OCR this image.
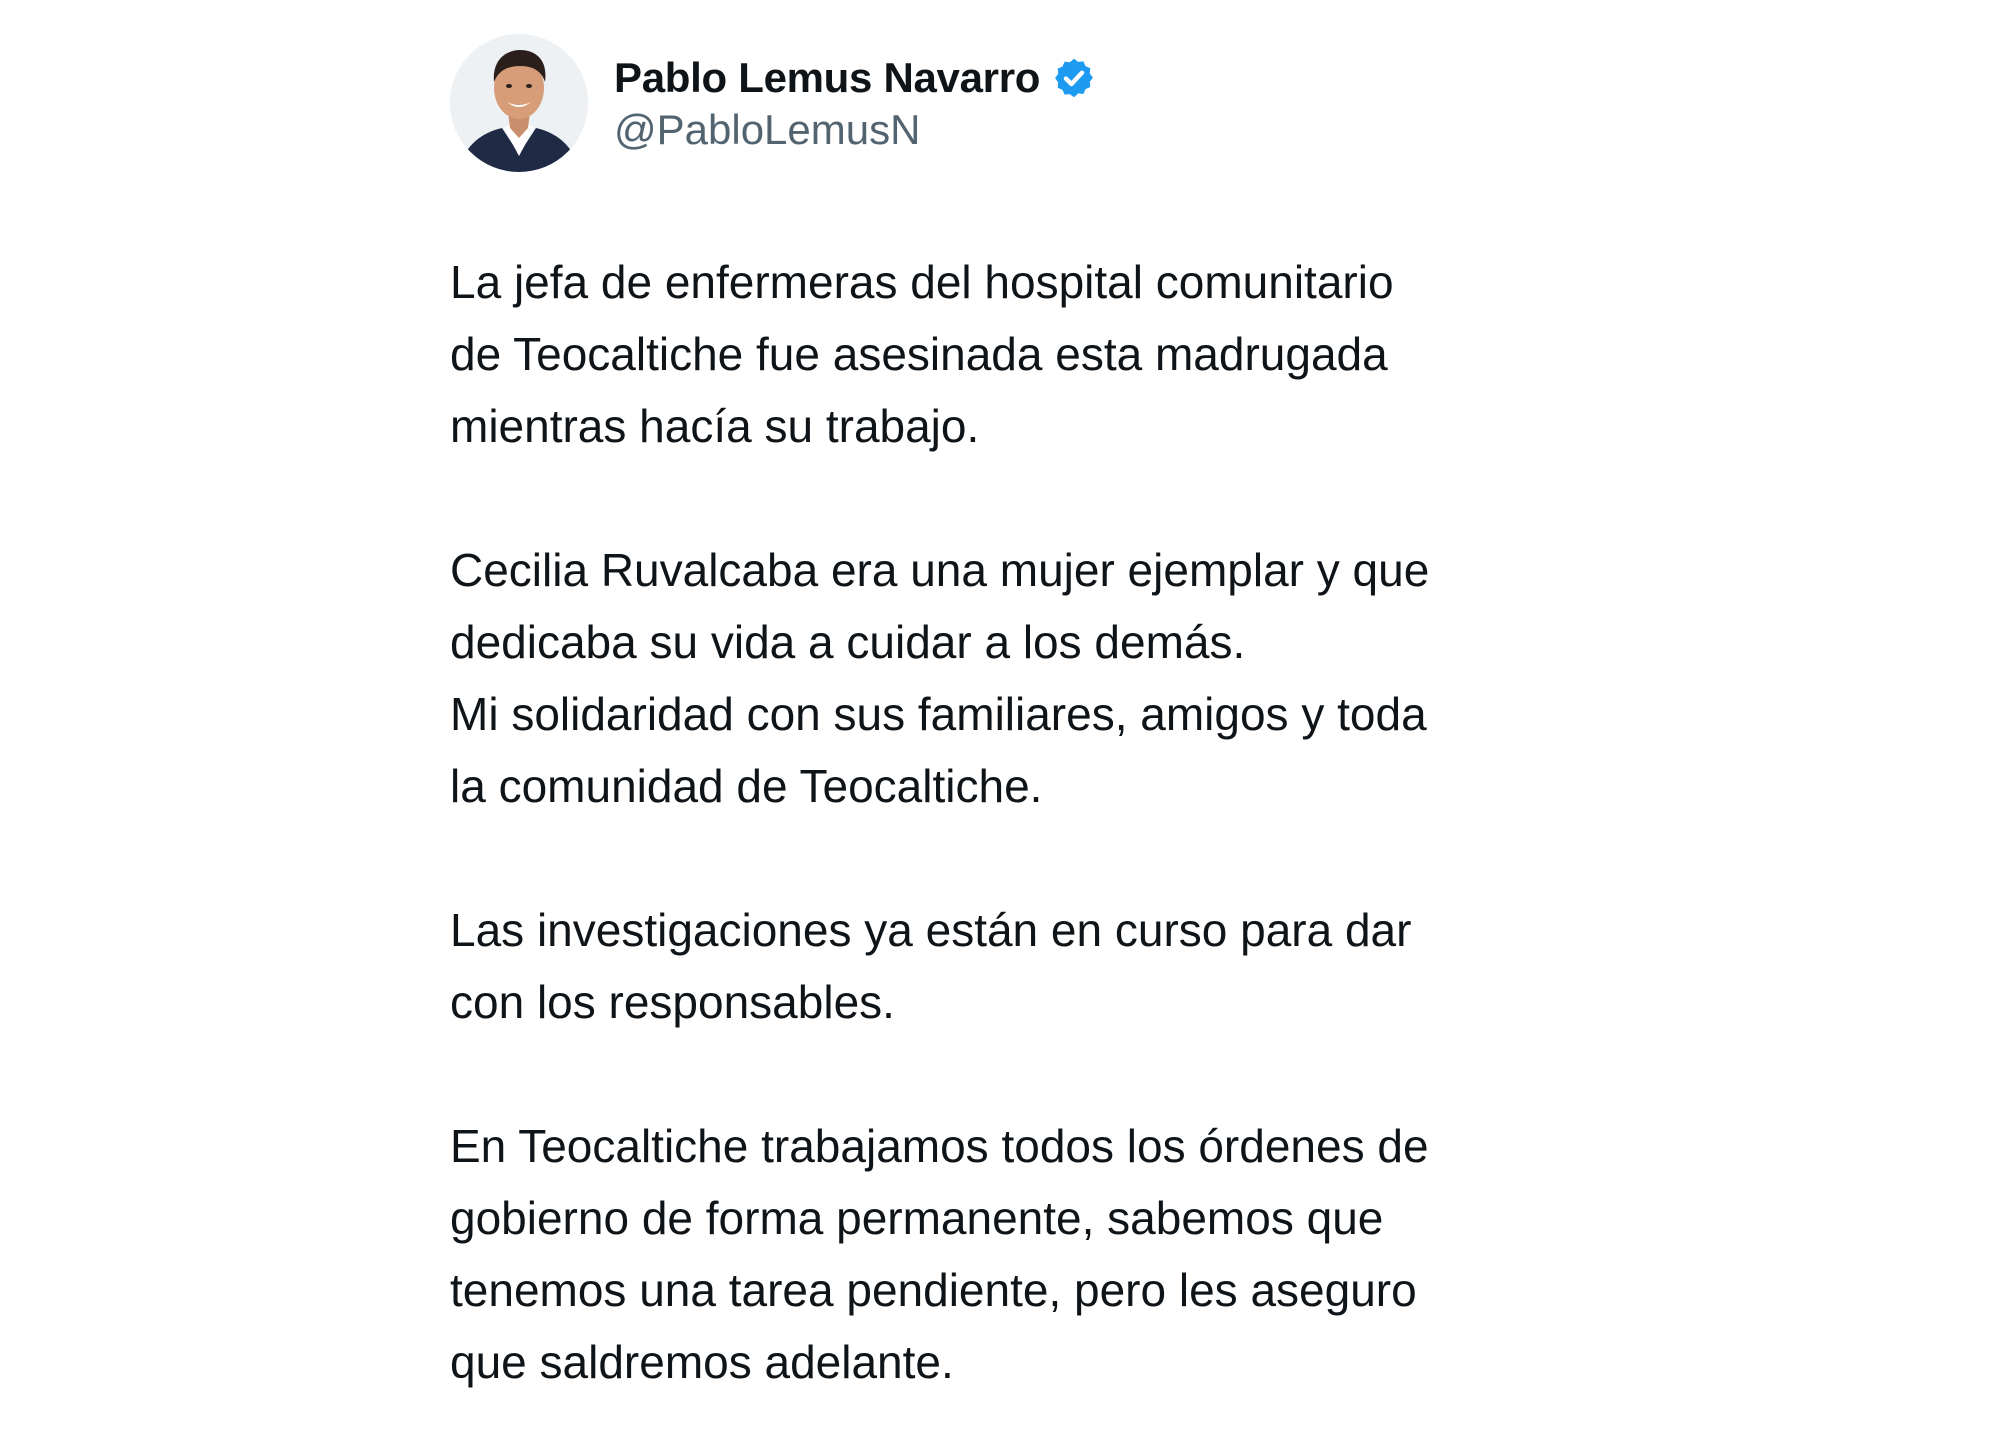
Pablo Lemus Navarro
@PabloLemusN

La jefa de enfermeras del hospital comunitario
de Teocaltiche fue asesinada esta madrugada
mientras hacía su trabajo.

Cecilia Ruvalcaba era una mujer ejemplar y que
dedicaba su vida a cuidar a los demás.
Mi solidaridad con sus familiares, amigos y toda
la comunidad de Teocaltiche.

Las investigaciones ya están en curso para dar
con los responsables.

En Teocaltiche trabajamos todos los órdenes de
gobierno de forma permanente, sabemos que
tenemos una tarea pendiente, pero les aseguro
que saldremos adelante.
